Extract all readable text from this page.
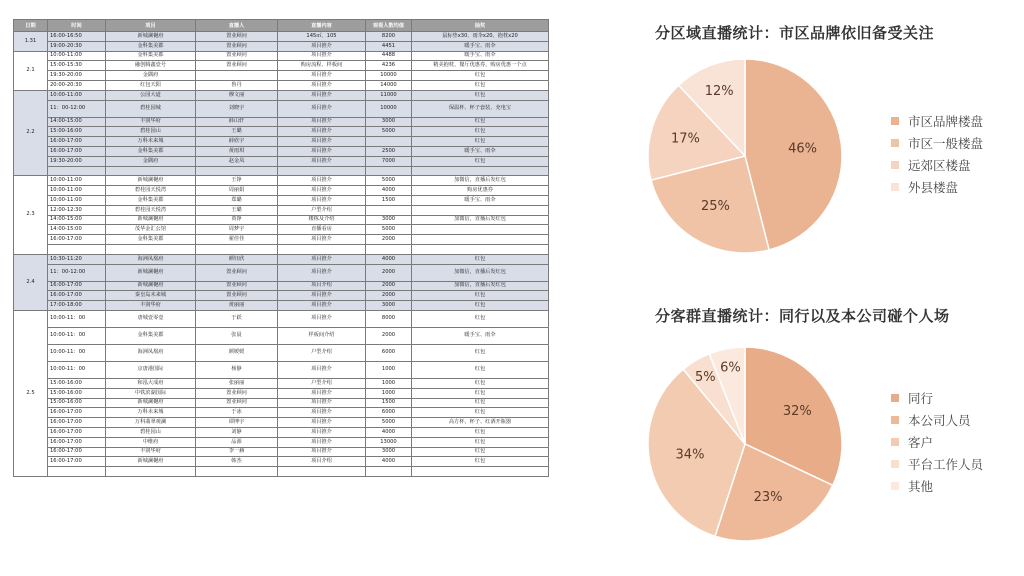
日期	时间	项目	直播人	直播内容	观看人数均值	抽奖
1.31	16:00-16:50	新城澜樾府	置业顾问	145㎡、105	8200	鼠标垫x30、雨伞x20、抱枕x20
	19:00-20:30	金科集美郡	置业顾问	项目推介	4451	暖手宝、雨伞
2.1	10:00-11:00	金科集美郡	置业顾问	项目推介	4488	暖手宝、雨伞
	15:00-15:30	融创腾鑫壹号	置业顾问	购房流程、样板间	4236	精美抱枕、餐厅优惠券、购房优惠一个点
	19:30-20:00	金隅府		项目推介	10000	红包
	20:00-20:30	红包天阳	鲁丹	项目推介	14000	红包
2.2	10:00-11:00	公园大道	穆文丽	项目推介	11000	红包
	11：00-12:00	碧桂园城	刘晓宇	项目推介	10000	保温杯、杯子套装、充电宝
	14:00-15:00	丰润华府	薛山轩	项目推介	3000	红包
	15:00-16:00	碧桂园山	王璐	项目推介	5000	红包
	16:00-17:00	万科未来城	薛欣宇	项目推介		红包
	16:00-17:00	金科集美郡	黄雨琪	项目推介	2500	暖手宝、雨伞
	19:30-20:00	金隅府	赵金凤	项目推介	7000	红包

2.3	10:00-11:00	新城澜樾府	王铮	项目推介	5000	加微信，直播后发红包
	10:00-11:00	碧桂园天悦湾	周丽娟	项目推介	4000	购房优惠券
	10:00-11:00	金科集美郡	郑璐	项目推介	1500	暖手宝、雨伞
	12:00-12:30	碧桂园天悦湾	王璐	户型介绍		
	14:00-15:00	新城澜樾府	贾铮	楼栋及介绍	3000	加微信，直播后发红包
	14:00-15:00	茂华金汇公馆	周梦宇	直播看房	5000	
	16:00-17:00	金科集美郡	翟佳佳	项目推介	2000	

2.4	10:30-11:20	海洲凤凰府	颜钰欣	项目推介	4000	红包
	11：00-12:00	新城澜樾府	置业顾问	项目推介	2000	加微信，直播后发红包
	16:00-17:00	新城澜樾府	置业顾问	项目介绍	2000	加微信，直播后发红包
	16:00-17:00	秦皇岛未来城	置业顾问	项目推介	2000	红包
	17:00-18:00	丰润华府	黄丽丽	项目推介	3000	红包
2.5	10:00-11：00	唐城壹零壹	于跃	项目推介	8000	红包
	10:00-11：00	金科集美郡	张晨	样板间介绍	2000	暖手宝、雨伞
	10:00-11：00	海洲凤凰府	颜媛媛	户型介绍	6000	红包
	10:00-11：00	京唐港国际	杨静	项目推介	1000	红包
	15:00-16:00	和泓大成府	张丽丽	户型介绍	1000	红包
	15:00-16:00	中铁滨湖国际	置业顾问	项目推介	1000	红包
	15:00-16:00	新城澜樾府	置业顾问	项目推介	1500	红包
	16:00-17:00	万科未来城	于冰	项目推介	6000	红包
	16:00-17:00	万科翡翠观澜	谭博宇	项目推介	5000	高方杯、杯子、红酒开瓶器
	16:00-17:00	碧桂园山	刘静	项目推介	4000	红包
	16:00-17:00	中维府	品源	项目推介	13000	红包
	16:00-17:00	丰润华府	李一赫	项目推介	3000	红包
	16:00-17:00	新城澜樾府	韩杰	项目介绍	4000	红包

分区域直播统计：市区品牌依旧备受关注
46%
25%
17%
12%
市区品牌楼盘
市区一般楼盘
远郊区楼盘
外县楼盘
分客群直播统计：同行以及本公司碰个人场
32%
23%
34%
5%
6%
同行
本公司人员
客户
平台工作人员
其他
